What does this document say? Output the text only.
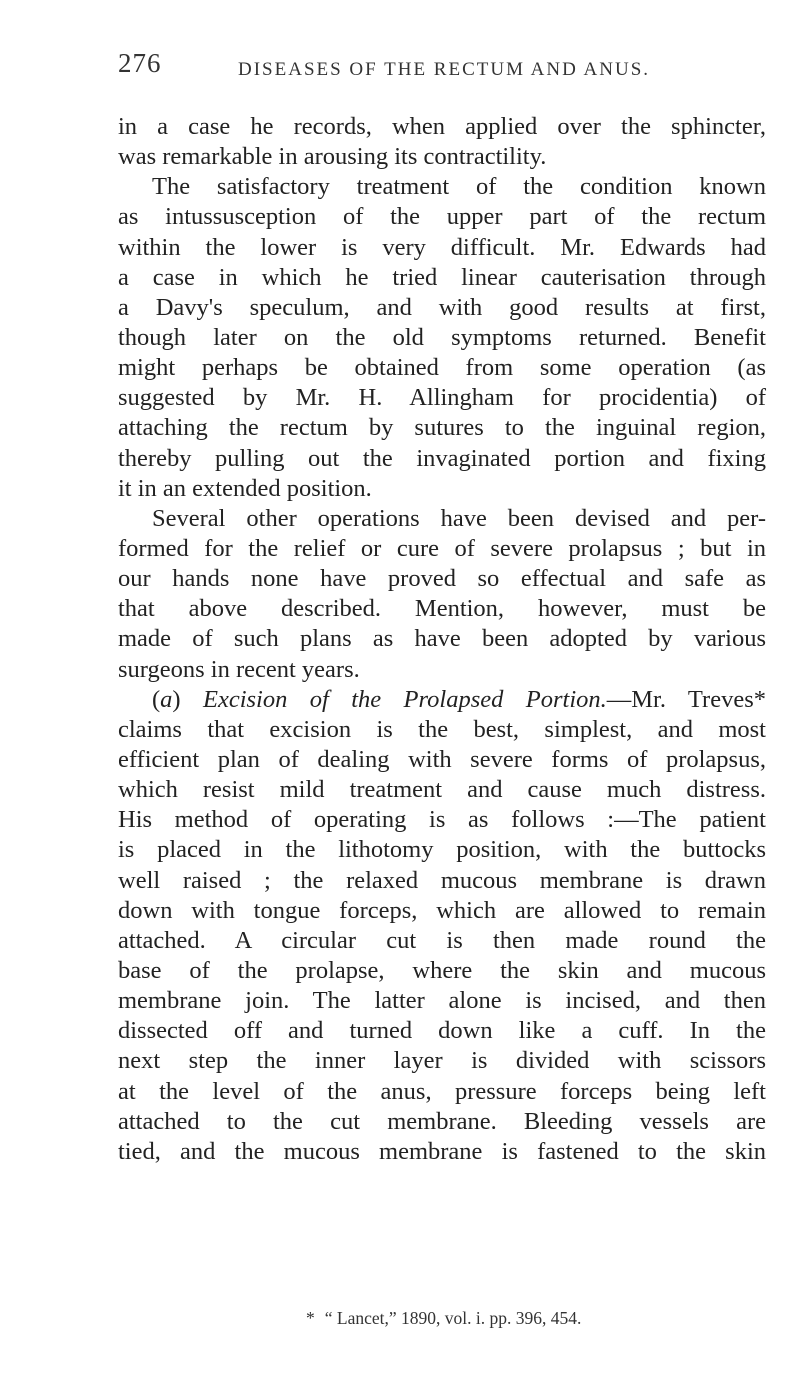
276	DISEASES OF THE RECTUM AND ANUS.
in a case he records, when applied over the sphincter,
was remarkable in arousing its contractility.
The satisfactory treatment of the condition known
as intussusception of the upper part of the rectum
within the lower is very difficult. Mr. Edwards had
a case in which he tried linear cauterisation through
a Davy's speculum, and with good results at first,
though later on the old symptoms returned. Benefit
might perhaps be obtained from some operation (as
suggested by Mr. H. Allingham for procidentia) of
attaching the rectum by sutures to the inguinal region,
thereby pulling out the invaginated portion and fixing
it in an extended position.
Several other operations have been devised and per-
formed for the relief or cure of severe prolapsus ; but in
our hands none have proved so effectual and safe as
that above described. Mention, however, must be
made of such plans as have been adopted by various
surgeons in recent years.
(a) Excision of the Prolapsed Portion.—Mr. Treves*
claims that excision is the best, simplest, and most
efficient plan of dealing with severe forms of prolapsus,
which resist mild treatment and cause much distress.
His method of operating is as follows :—The patient
is placed in the lithotomy position, with the buttocks
well raised ; the relaxed mucous membrane is drawn
down with tongue forceps, which are allowed to remain
attached. A circular cut is then made round the
base of the prolapse, where the skin and mucous
membrane join. The latter alone is incised, and then
dissected off and turned down like a cuff. In the
next step the inner layer is divided with scissors
at the level of the anus, pressure forceps being left
attached to the cut membrane. Bleeding vessels are
tied, and the mucous membrane is fastened to the skin
* “ Lancet,” 1890, vol. i. pp. 396, 454.
